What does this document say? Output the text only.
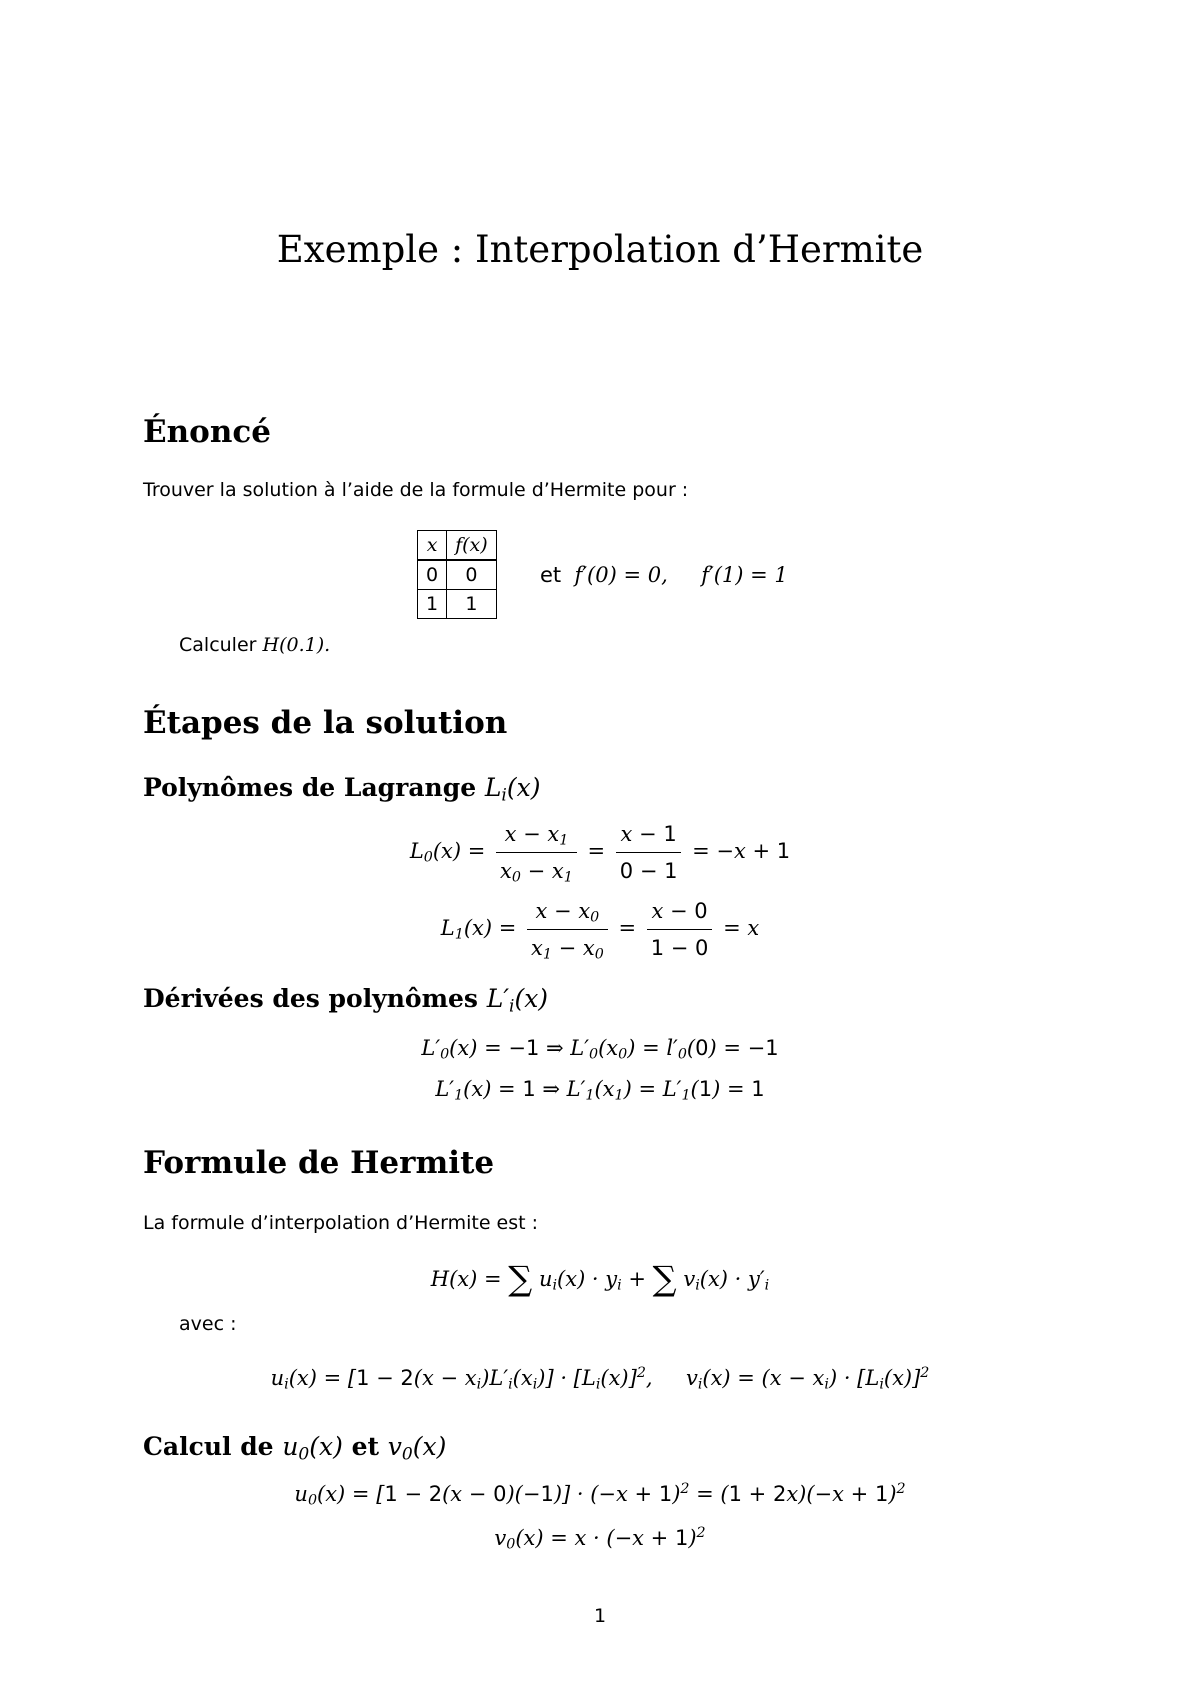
Exemple : Interpolation d’Hermite
Énoncé
Trouver la solution à l’aide de la formule d’Hermite pour :
x	f(x)
0	0
1	1
et f′(0) = 0, f′(1) = 1
Calculer H(0.1).
Étapes de la solution
Polynômes de Lagrange $L_i(x)$
$L_0(x) = \frac{x - x_1}{x_0 - x_1} = \frac{x - 1}{0 - 1} = -x + 1$
$L_1(x) = \frac{x - x_0}{x_1 - x_0} = \frac{x - 0}{1 - 0} = x$
Dérivées des polynômes $L'_i(x)$
$L'_0(x) = -1$ ⇒ $L'_0(x_0) = l'_0(0) = -1$
$L'_1(x) = 1$ ⇒ $L'_1(x_1) = L'_1(1) = 1$
Formule de Hermite
La formule d’interpolation d’Hermite est :
H(x) = ∑ $u_i(x) \cdot y_i$ + ∑ $v_i(x) \cdot y'_i$
avec :
$u_i(x) = [1 - 2(x - x_i)L'_i(x_i)] \cdot [L_i(x)]^2$,     $v_i(x) = (x - x_i) \cdot [L_i(x)]^2$
Calcul de $u_0(x)$ et $v_0(x)$
$u_0(x) = [1 - 2(x - 0)(-1)] \cdot (-x + 1)^2 = (1 + 2x)(-x + 1)^2$
$v_0(x) = x \cdot (-x + 1)^2$
1
